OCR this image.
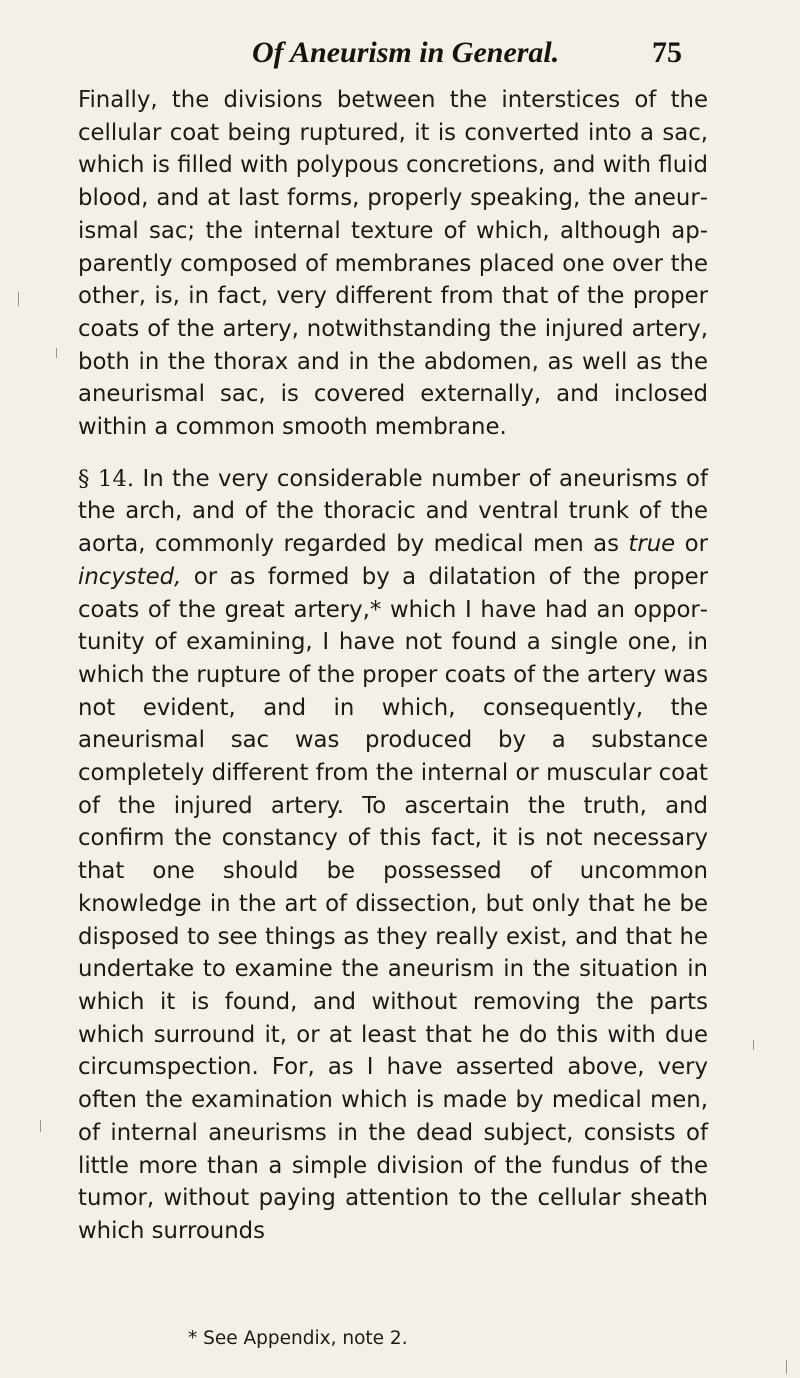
Of Aneurism in General.	75

Finally, the divisions between the interstices of the cellular coat being ruptured, it is converted into a sac, which is filled with polypous concretions, and with fluid blood, and at last forms, properly speaking, the aneurismal sac; the internal texture of which, although apparently composed of membranes placed one over the other, is, in fact, very different from that of the proper coats of the artery, notwithstanding the injured artery, both in the thorax and in the abdomen, as well as the aneurismal sac, is covered externally, and inclosed within a common smooth membrane.

§ 14. In the very considerable number of aneurisms of the arch, and of the thoracic and ventral trunk of the aorta, commonly regarded by medical men as true or incysted, or as formed by a dilatation of the proper coats of the great artery,* which I have had an opportunity of examining, I have not found a single one, in which the rupture of the proper coats of the artery was not evident, and in which, consequently, the aneurismal sac was produced by a substance completely different from the internal or muscular coat of the injured artery. To ascertain the truth, and confirm the constancy of this fact, it is not necessary that one should be possessed of uncommon knowledge in the art of dissection, but only that he be disposed to see things as they really exist, and that he undertake to examine the aneurism in the situation in which it is found, and without removing the parts which surround it, or at least that he do this with due circumspection. For, as I have asserted above, very often the examination which is made by medical men, of internal aneurisms in the dead subject, consists of little more than a simple division of the fundus of the tumor, without paying attention to the cellular sheath which surrounds

* See Appendix, note 2.
